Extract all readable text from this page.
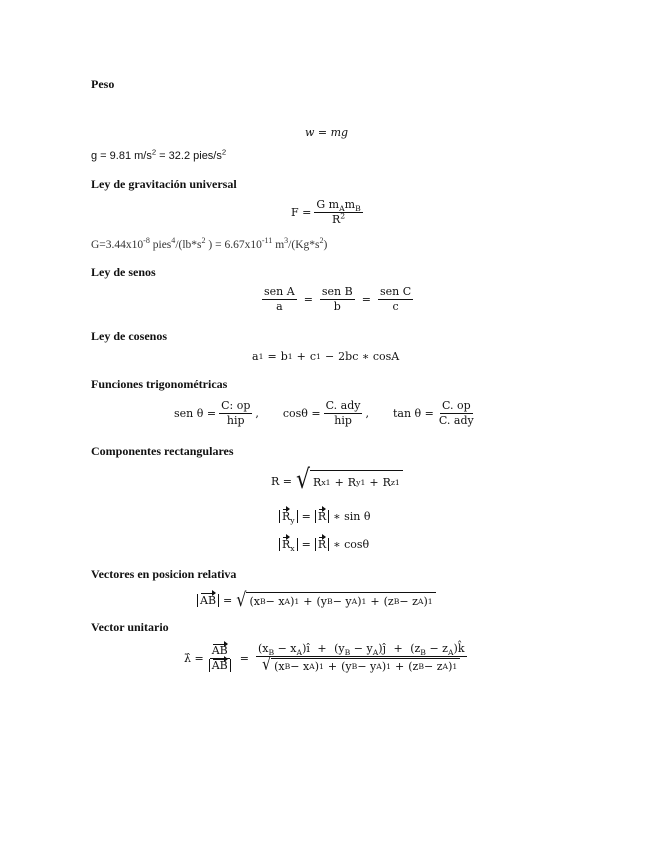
Peso
w = mg
g = 9.81 $m/s^2 = 32.2$ pies/$s^2$
Ley de gravitación universal
$F = \frac{G m_Am_B}{R^2}$
$G=3.44x10^{-8}$ $pies^4/(lb*s^2$ ) = $6.67x10^{-11}$ $m^3/(Kg*s^2)$
Ley de senos
$\frac{\text{sen A}}{a} = \frac{\text{sen B}}{b} = \frac{\text{sen C}}{c}$
Ley de cosenos
a 1 = b 1 + c 1 − 2bc ∗ cosA
Funciones trigonométricas
sen $\theta = \frac{C: op}{\text{hip}}$ , $\cos\theta = \frac{\text{C. ady}}{\text{hip}}$ , $\tan \theta = \frac{C. op}{\text{C. ady}}$
Componentes rectangulares
R = √ R x 1 + R y 1 + R z 1
$R_y = R$ ∗ sin θ
$R_x = R$ ∗ cosθ
Vectores en posicion relativa
AB = √ (x B − x A ) 1 + (y B − y A ) 1 + (z B − z A ) 1
Vector unitario
λ̂ = $\frac{AB}{AB}$ =
($x_B$ − $x_A)î + (y_B$ − $y_A)ĵ + (z_B$ − $z_A)k̂$
√ (x B − x A ) 1 + (y B − y A ) 1 + (z B − z A ) 1
